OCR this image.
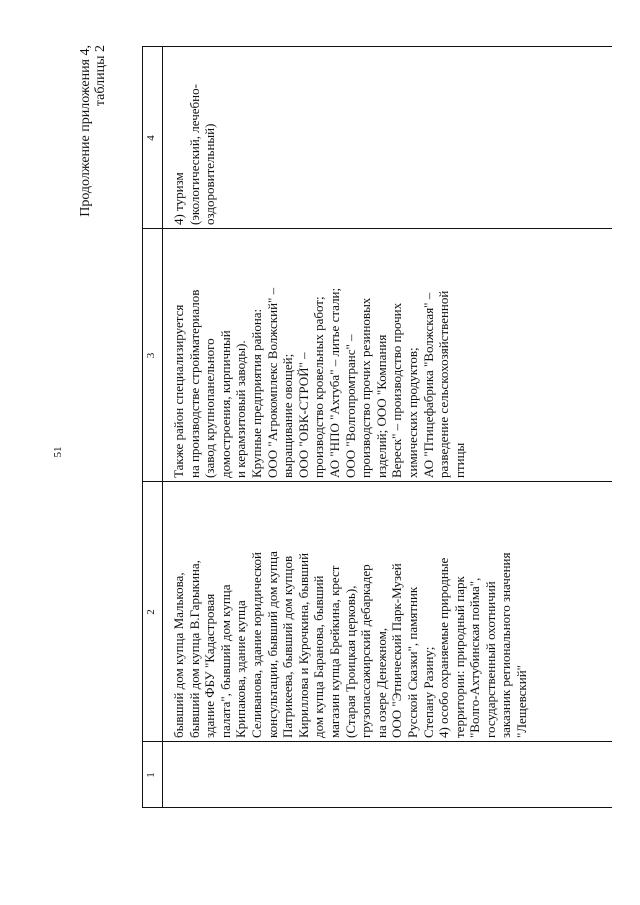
51
Продолжение приложения 4, таблицы 2
1
2
3
4
бывший дом купца Малькова, бывший дом купца В.Гарыкина, здание ФБУ "Кадастровая палата", бывший дом купца Крипакова, здание купца Селиванова, здание юридической консультации, бывший дом купца Патрикеева, бывший дом купцов Кириллова и Курочкина, бывший дом купца Баранова, бывший магазин купца Брейкина, крест (Старая Троицкая церковь), грузопассажирский дебаркадер на озере Денежном, ООО "Этнический Парк-Музей Русской Сказки", памятник Степану Разину; 4) особо охраняемые природные территории: природный парк "Волго-Ахтубинская пойма", государственный охотничий заказник регионального значения "Лещевский"
Также район специализируется на производстве стройматериалов (завод крупнопанельного домостроения, кирпичный и керамзитовый заводы). Крупные предприятия района: ООО "Агрокомплекс Волжский" – выращивание овощей; ООО "ОВК-СТРОЙ" – производство кровельных работ; АО "НПО "Ахтуба" – литье стали; ООО "Волгопромтранс" – производство прочих резиновых изделий; ООО "Компания Вереск" – производство прочих химических продуктов; АО "Птицефабрика "Волжская" – разведение сельскохозяйственной птицы
4) туризм (экологический, лечебно- оздоровительный)
